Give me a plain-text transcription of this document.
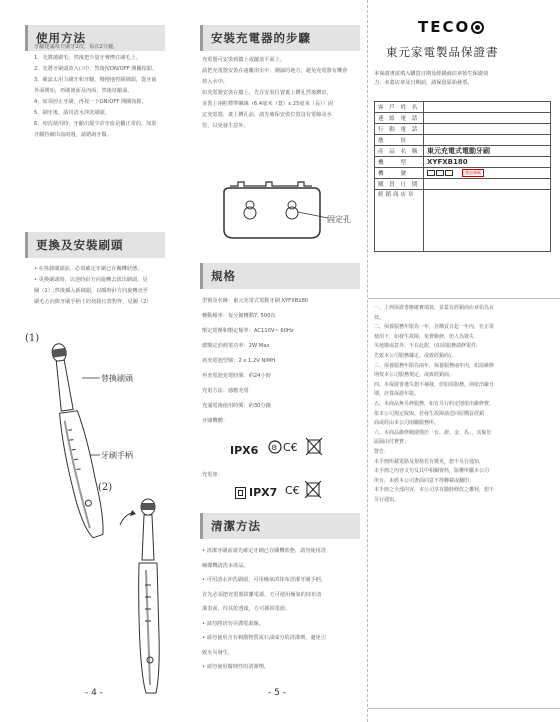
使用方法
牙齦建議每日刷牙2次，每次2分鐘。
1、先將蕩刷毛，然後把少量牙膏擠在刷毛上。
2、先將牙刷頭放入口中，然後按ON/OFF 開關按鈕。
3、確認太用力刷牙和牙齦，慢慢地控制刷頭，從牙齒
外面開始，再刷後面及內面，然後征齦面。
4、如須停止牙刷，再按一下ON/OFF 開關按鈕。
5、刷牙後，請用清水沖洗刷頭。
6、初次使用時，牙齦出現少許牙血是屬正常的，如果
牙齦持續出血兩週，請諮詢牙醫。
更換及安裝刷頭
• 在拆卸刷頭前，必須確定牙刷已在關機狀態。
• 更換刷頭時，以逆時針方向旋轉去拔出刷頭，見
圖（1）;然後插入新刷頭，以順時針方向旋轉直至
刷毛方向與牙刷手柄上的按鈕位置對齊，見圖（2）
(1)
(2)
替換刷頭
牙刷手柄
- 4 -
安裝充電器的步驟
充電器可安裝到牆上或擺放平面上。
請把充電器安裝在遠離浴室中、潮濕的地方，避免充電器有機會
掉入水中。
如充電器安裝在牆上，先在安裝位置畫上鑽孔然後鑽出，
並裝上兩粒標準螺絲（6.4毫米（寬）x 25毫米（長））固
定充電器，畫上鑽孔前，請先確保安裝位置沒有電線及水
管，以免發生意外。
固定孔
規格
型號及名稱：東元充電式電動牙刷 XYFXB180
轉動頻率：每分鐘轉動7, 500次
額定電壓和額定頻率：AC110V~ 60Hz
總額定消耗電功率：2W Max
再充電池型號：2 x 1.2V NiMH
再充電池充電時間：約24小時
充電方法：感應充電
充滿電後使用時間：約30分鐘
牙刷機體：
IPX6 ⚙ C€
充電座：
IPX7 C€
清潔方法
• 清潔牙刷前請先確定牙刷已在關機狀態，請勿使用洗
碗碟機清洗本產品。
• 可用清水沖洗刷頭，可用燥氧的抹布清潔牙刷手柄。
首先必須把充電器拔離電源，方可使用燥氧的抹布清
潔表面，待其乾透後，方可插回電源。
• 請勿將切勿弄溝電源線。
• 請勿使用含有刺激物質或石油成分的清潔劑，避免引
致火災發生。
• 請勿使用腐蝕性的清潔劑。
- 5 -
TECO
東元家電製品保證書
本保證書需填入購買日期及經銷商店章始生保證效
力，未蓋店章及日期前，請保留原始發票。
客 戶 姓 名	
連 絡 電 話	
行 動 電 話	
地　　址	
產 品 名 稱	東元充電式電動牙刷
機　　型	XYFXB180
機　　號	製造號碼
購 買 日 期	
經銷商店章	
一、上列保證書應確實填寫，並蓋有經銷商店章始為有
效。
二、保養服務年限為一年，自購買日起一年內，在正常
使用下，如發生故障，免費維修，但人為毀失
災地變或意外、不在此限。(如需服務請修電件，
先致本公司服務據定，或致經銷商)。
三、保養服務年限為兩年，保養服務兩年內，如需維修
則按本公司服務規定，或致經銷商。
四、本保證書遺失恕不補發，但如需服務，則依出廠日
期，計算保證年限。
五、本商品無另修服務，如有另行約定則依出維修費。
依本公司規定收取，若發生故障請送回原購買經銷
商或經由本公司南屬服務所。
六、本商品維修範圍僅於「台、澎、金、馬」，其餘於
區隔由付費費。
警告：
本手冊所載電路及規格若有變更，恕不另行通知，
本手冊之內容文句及其中相關資料，版權所屬本公司
所有，未經本公司書面同意不得轉載或翻印。
本手冊之全部內容，本公司享有隨時修改之權利，恕不
另行通知。
